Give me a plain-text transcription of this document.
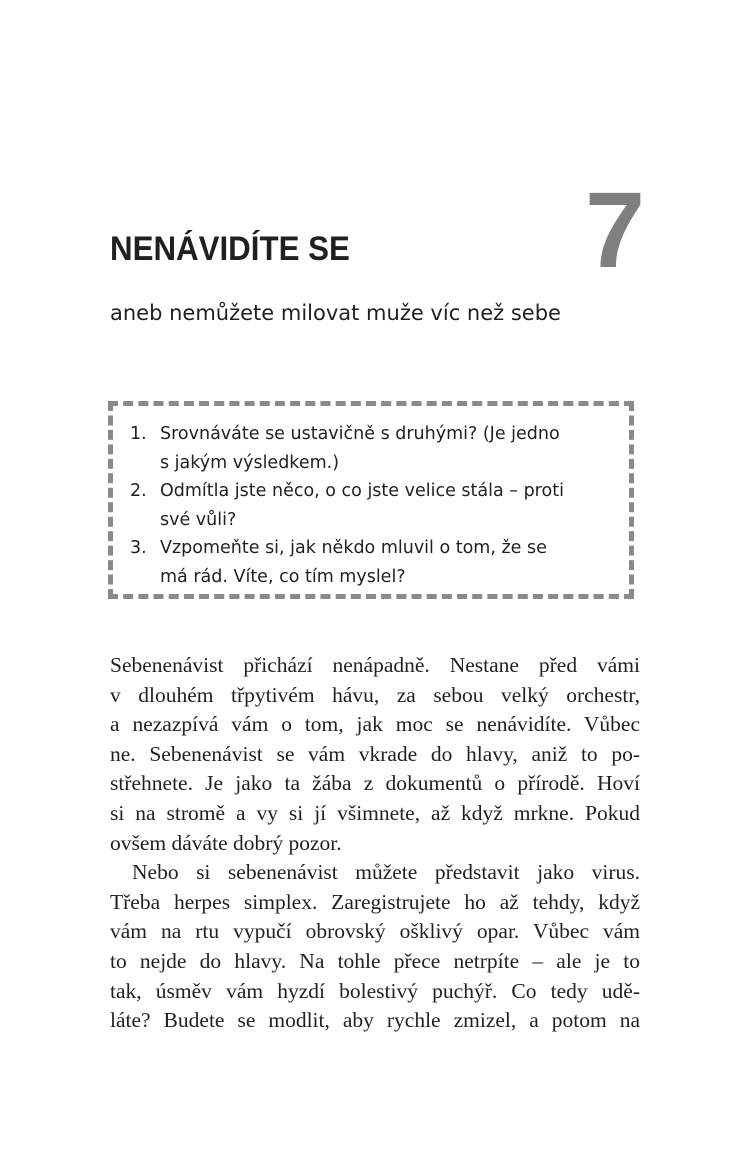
7
NENÁVIDÍTE SE
aneb nemůžete milovat muže víc než sebe
1. Srovnáváte se ustavičně s druhými? (Je jedno
s jakým výsledkem.)
2. Odmítla jste něco, o co jste velice stála – proti
své vůli?
3. Vzpomeňte si, jak někdo mluvil o tom, že se
má rád. Víte, co tím myslel?

Sebenenávist přichází nenápadně. Nestane před vámi
v dlouhém třpytivém hávu, za sebou velký orchestr,
a nezazpívá vám o tom, jak moc se nenávidíte. Vůbec
ne. Sebenenávist se vám vkrade do hlavy, aniž to po-
střehnete. Je jako ta žába z dokumentů o přírodě. Hoví
si na stromě a vy si jí všimnete, až když mrkne. Pokud
ovšem dáváte dobrý pozor.

Nebo si sebenenávist můžete představit jako virus.
Třeba herpes simplex. Zaregistrujete ho až tehdy, když
vám na rtu vypučí obrovský ošklivý opar. Vůbec vám
to nejde do hlavy. Na tohle přece netrpíte – ale je to
tak, úsměv vám hyzdí bolestivý puchýř. Co tedy udě-
láte? Budete se modlit, aby rychle zmizel, a potom na
